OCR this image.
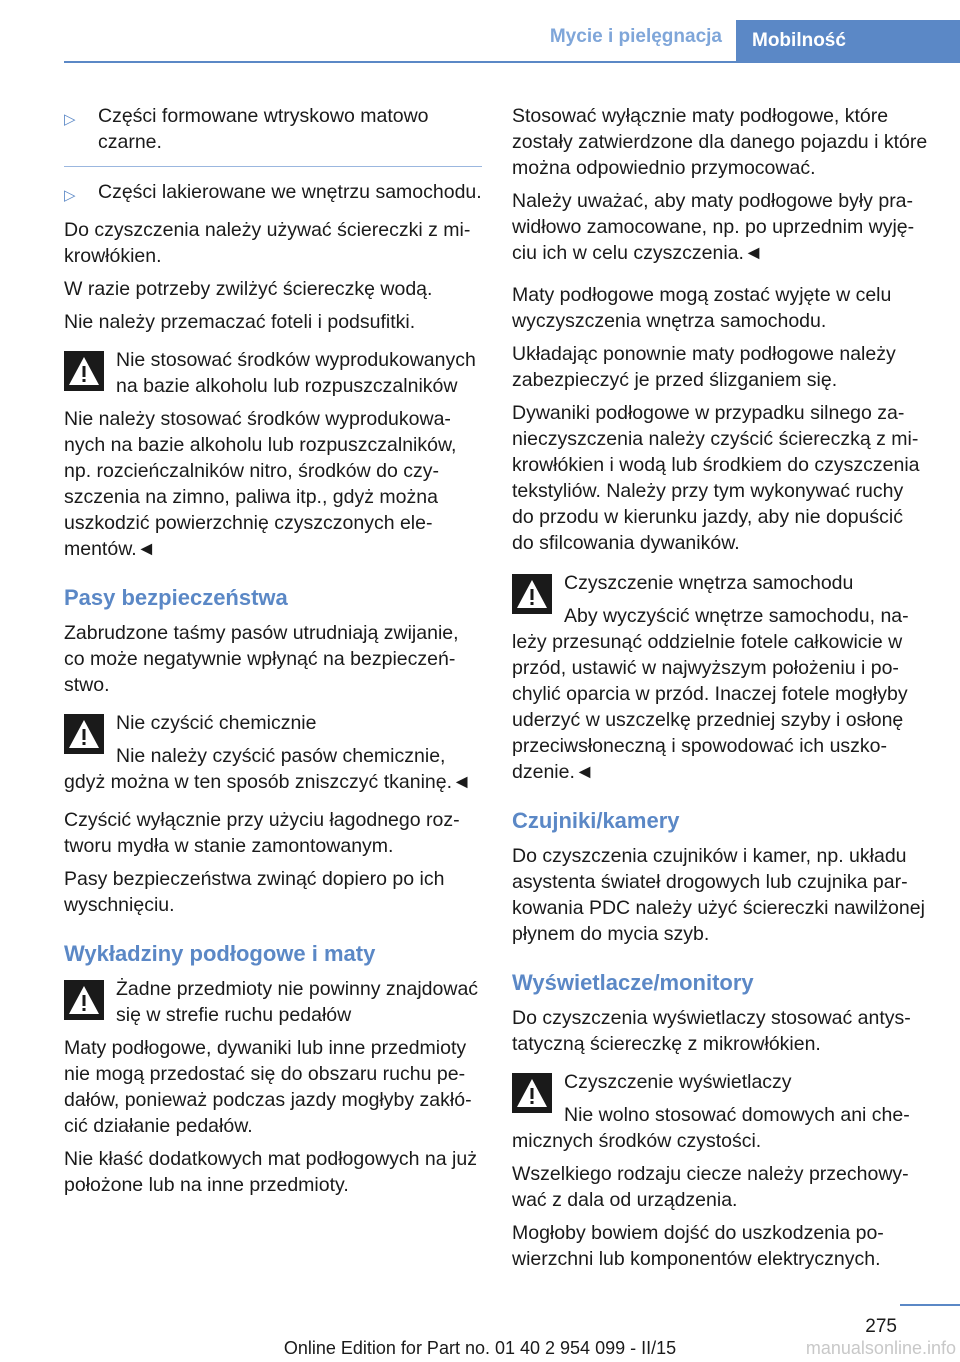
Mycie i pielęgnacja Mobilność
▷ Części formowane wtryskowo matowo czarne.
▷ Części lakierowane we wnętrzu samochodu.
Do czyszczenia należy używać ściereczki z mikrowłókien.
W razie potrzeby zwilżyć ściereczkę wodą.
Nie należy przemaczać foteli i podsufitki.
Nie stosować środków wyprodukowanych na bazie alkoholu lub rozpuszczalników
Nie należy stosować środków wyprodukowanych na bazie alkoholu lub rozpuszczalników, np. rozcieńczalników nitro, środków do czyszczenia na zimno, paliwa itp., gdyż można uszkodzić powierzchnię czyszczonych elementów.◄
Pasy bezpieczeństwa
Zabrudzone taśmy pasów utrudniają zwijanie, co może negatywnie wpłynąć na bezpieczeństwo.
Nie czyścić chemicznie
Nie należy czyścić pasów chemicznie, gdyż można w ten sposób zniszczyć tkaninę.◄
Czyścić wyłącznie przy użyciu łagodnego roztworu mydła w stanie zamontowanym.
Pasy bezpieczeństwa zwinąć dopiero po ich wyschnięciu.
Wykładziny podłogowe i maty
Żadne przedmioty nie powinny znajdować się w strefie ruchu pedałów
Maty podłogowe, dywaniki lub inne przedmioty nie mogą przedostać się do obszaru ruchu pedałów, ponieważ podczas jazdy mogłyby zakłócić działanie pedałów.
Nie kłaść dodatkowych mat podłogowych na już położone lub na inne przedmioty.
Stosować wyłącznie maty podłogowe, które zostały zatwierdzone dla danego pojazdu i które można odpowiednio przymocować.
Należy uważać, aby maty podłogowe były prawidłowo zamocowane, np. po uprzednim wyjęciu ich w celu czyszczenia.◄
Maty podłogowe mogą zostać wyjęte w celu wyczyszczenia wnętrza samochodu.
Układając ponownie maty podłogowe należy zabezpieczyć je przed ślizganiem się.
Dywaniki podłogowe w przypadku silnego zanieczyszczenia należy czyścić ściereczką z mikrowłókien i wodą lub środkiem do czyszczenia tekstyliów. Należy przy tym wykonywać ruchy do przodu w kierunku jazdy, aby nie dopuścić do sfilcowania dywaników.
Czyszczenie wnętrza samochodu
Aby wyczyścić wnętrze samochodu, należy przesunąć oddzielnie fotele całkowicie w przód, ustawić w najwyższym położeniu i pochylić oparcia w przód. Inaczej fotele mogłyby uderzyć w uszczelkę przedniej szyby i osłonę przeciwsłoneczną i spowodować ich uszkodzenie.◄
Czujniki/kamery
Do czyszczenia czujników i kamer, np. układu asystenta świateł drogowych lub czujnika parkowania PDC należy użyć ściereczki nawilżonej płynem do mycia szyb.
Wyświetlacze/monitory
Do czyszczenia wyświetlaczy stosować antystatyczną ściereczkę z mikrowłókien.
Czyszczenie wyświetlaczy
Nie wolno stosować domowych ani chemicznych środków czystości.
Wszelkiego rodzaju ciecze należy przechowywać z dala od urządzenia.
Mogłoby bowiem dojść do uszkodzenia powierzchni lub komponentów elektrycznych.
275
Online Edition for Part no. 01 40 2 954 099 - II/15	manualsonline.info
